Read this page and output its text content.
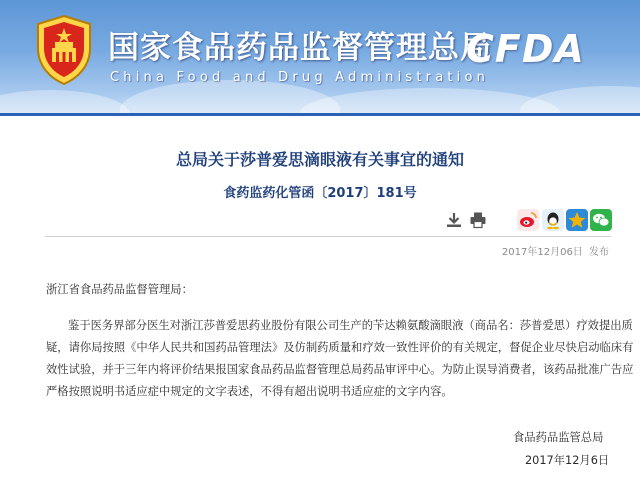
国家食品药品监督管理总局
China Food and Drug Administration
CFDA
总局关于莎普爱思滴眼液有关事宜的通知
食药监药化管函〔2017〕181号
2017年12月06日 发布
浙江省食品药品监督管理局：
鉴于医务界部分医生对浙江莎普爱思药业股份有限公司生产的苄达赖氨酸滴眼液（商品名：莎普爱思）疗效提出质
疑，请你局按照《中华人民共和国药品管理法》及仿制药质量和疗效一致性评价的有关规定，督促企业尽快启动临床有
效性试验，并于三年内将评价结果报国家食品药品监督管理总局药品审评中心。为防止误导消费者，该药品批准广告应
严格按照说明书适应症中规定的文字表述，不得有超出说明书适应症的文字内容。
食品药品监管总局
2017年12月6日
